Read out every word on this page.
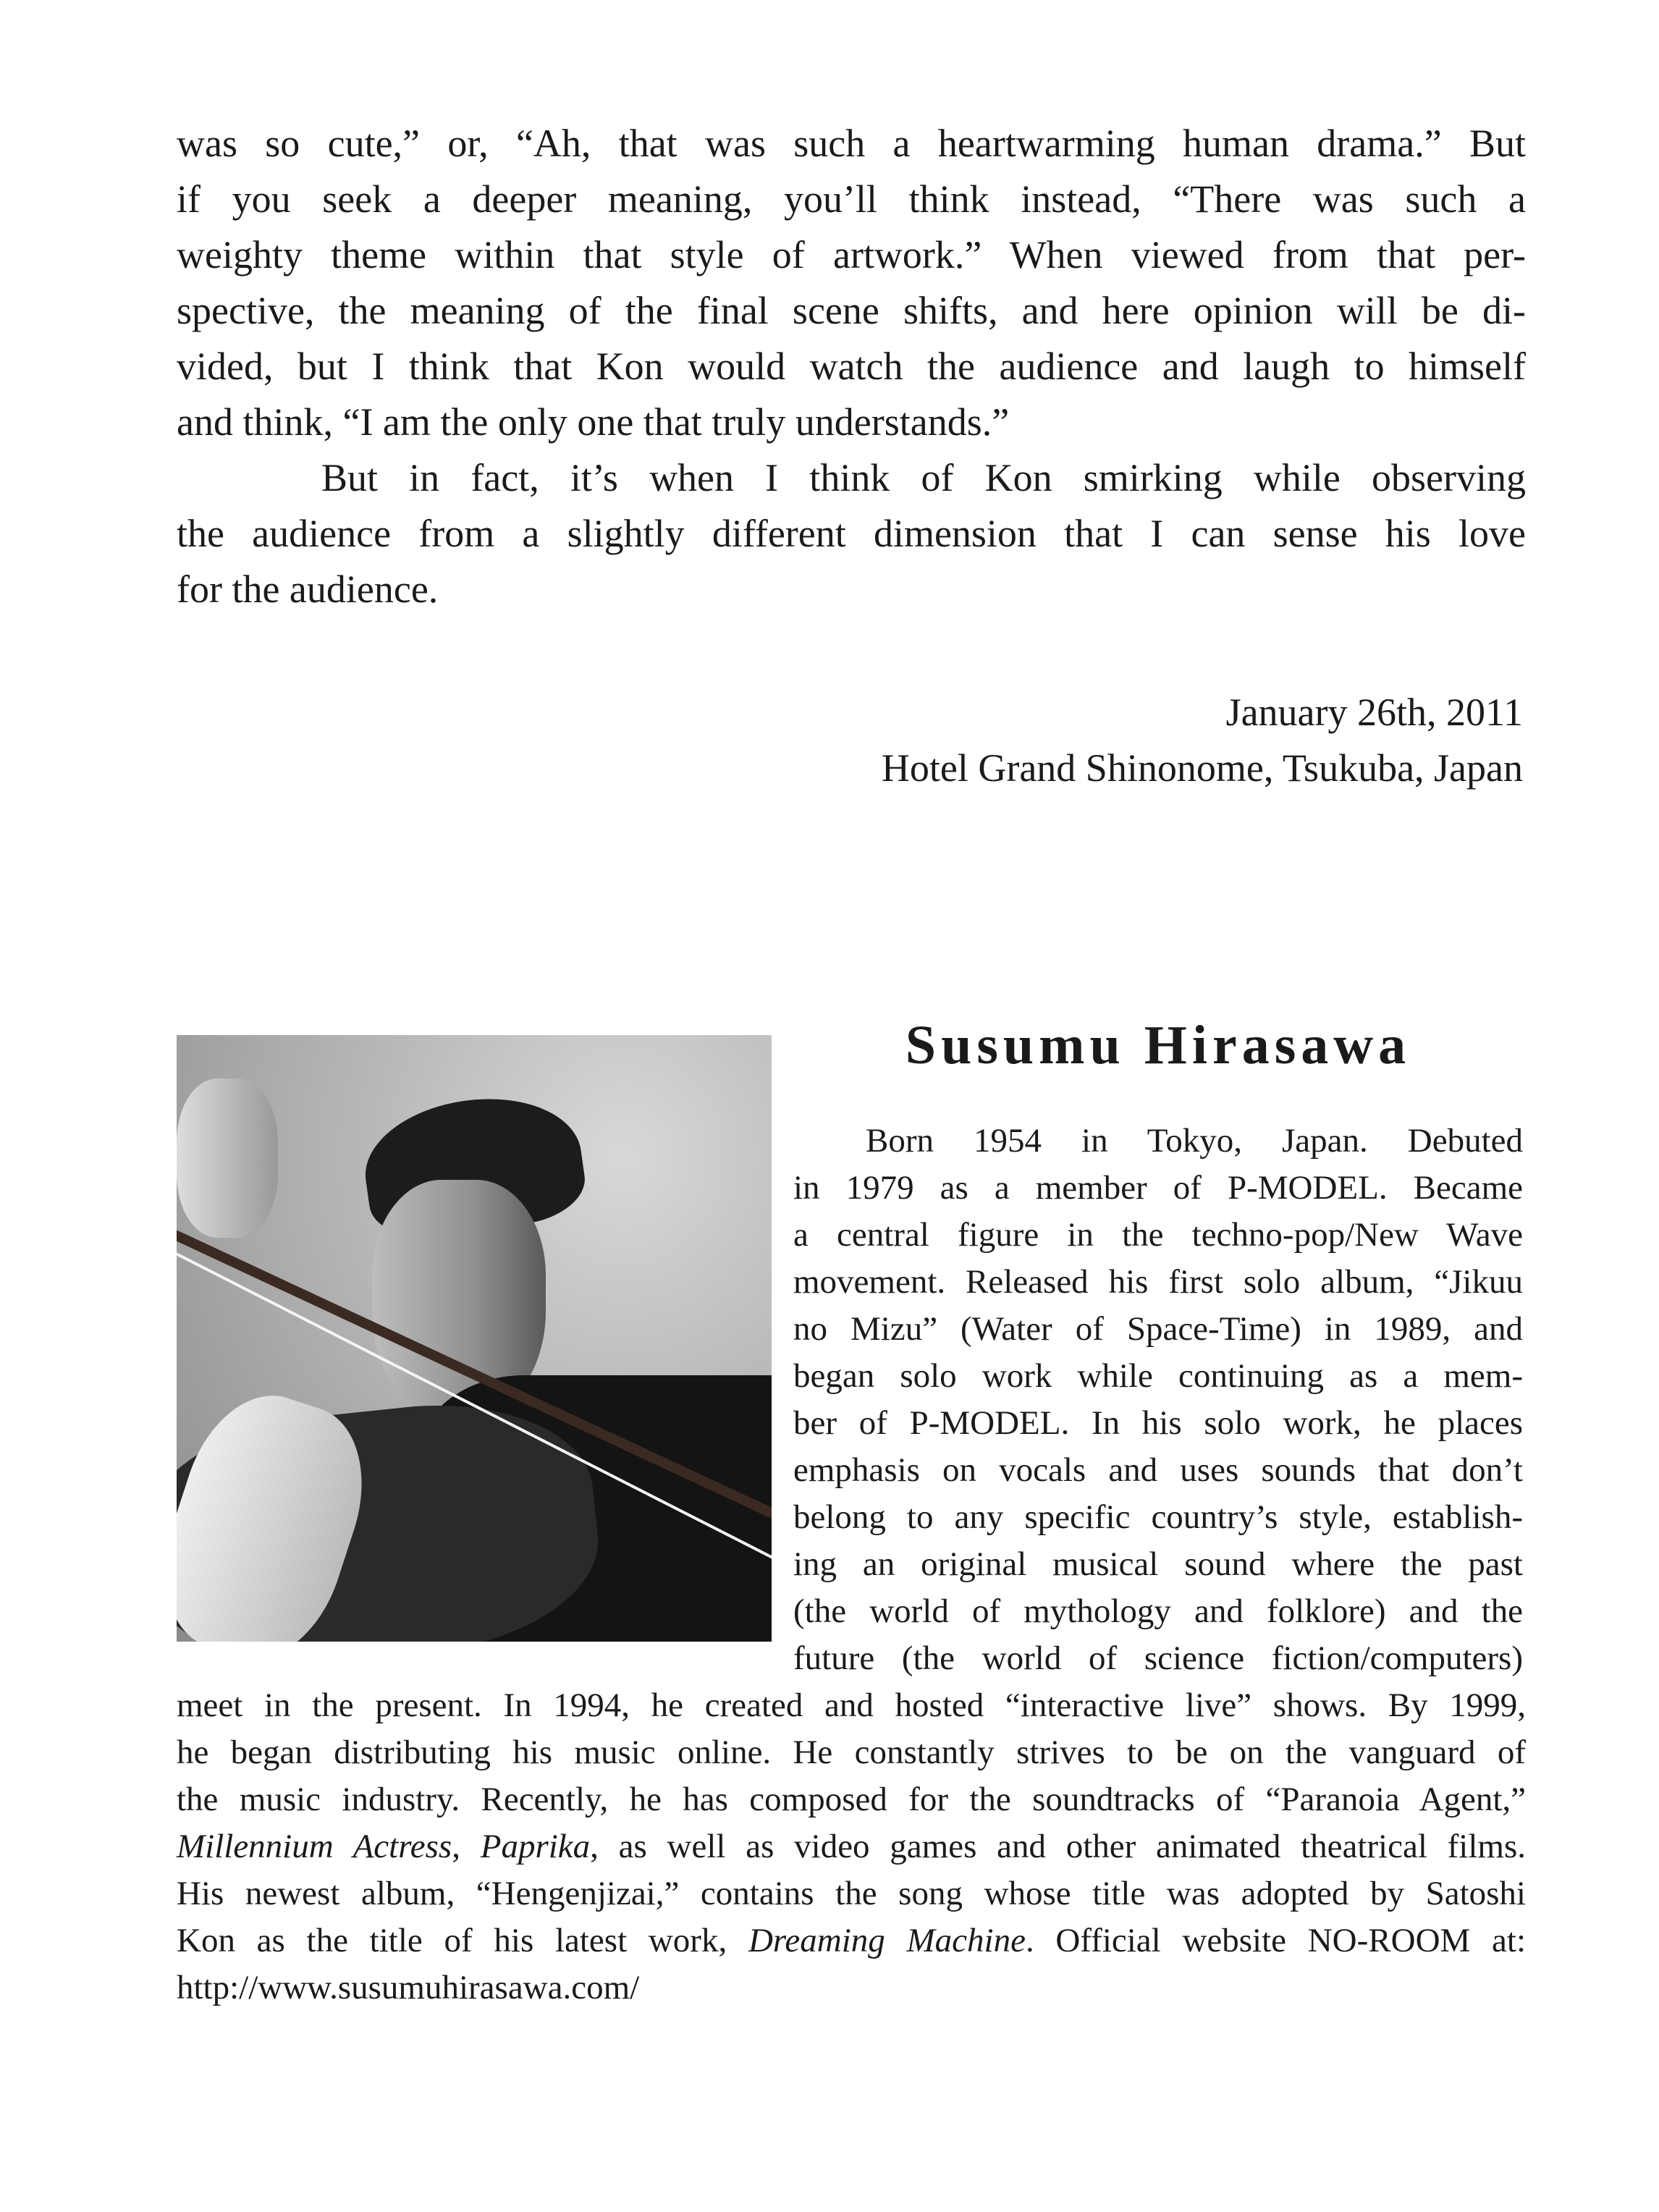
was so cute,” or, “Ah, that was such a heartwarming human drama.” But
if you seek a deeper meaning, you’ll think instead, “There was such a
weighty theme within that style of artwork.” When viewed from that per-
spective, the meaning of the final scene shifts, and here opinion will be di-
vided, but I think that Kon would watch the audience and laugh to himself
and think, “I am the only one that truly understands.”
But in fact, it’s when I think of Kon smirking while observing
the audience from a slightly different dimension that I can sense his love
for the audience.
January 26th, 2011
Hotel Grand Shinonome, Tsukuba, Japan
Susumu Hirasawa
Born 1954 in Tokyo, Japan. Debuted
in 1979 as a member of P-MODEL. Became
a central figure in the techno-pop/New Wave
movement. Released his first solo album, “Jikuu
no Mizu” (Water of Space-Time) in 1989, and
began solo work while continuing as a mem-
ber of P-MODEL. In his solo work, he places
emphasis on vocals and uses sounds that don’t
belong to any specific country’s style, establish-
ing an original musical sound where the past
(the world of mythology and folklore) and the
future (the world of science fiction/computers)
meet in the present. In 1994, he created and hosted “interactive live” shows. By 1999,
he began distributing his music online. He constantly strives to be on the vanguard of
the music industry. Recently, he has composed for the soundtracks of “Paranoia Agent,”
Millennium Actress, Paprika, as well as video games and other animated theatrical films.
His newest album, “Hengenjizai,” contains the song whose title was adopted by Satoshi
Kon as the title of his latest work, Dreaming Machine. Official website NO-ROOM at:
http://www.susumuhirasawa.com/
